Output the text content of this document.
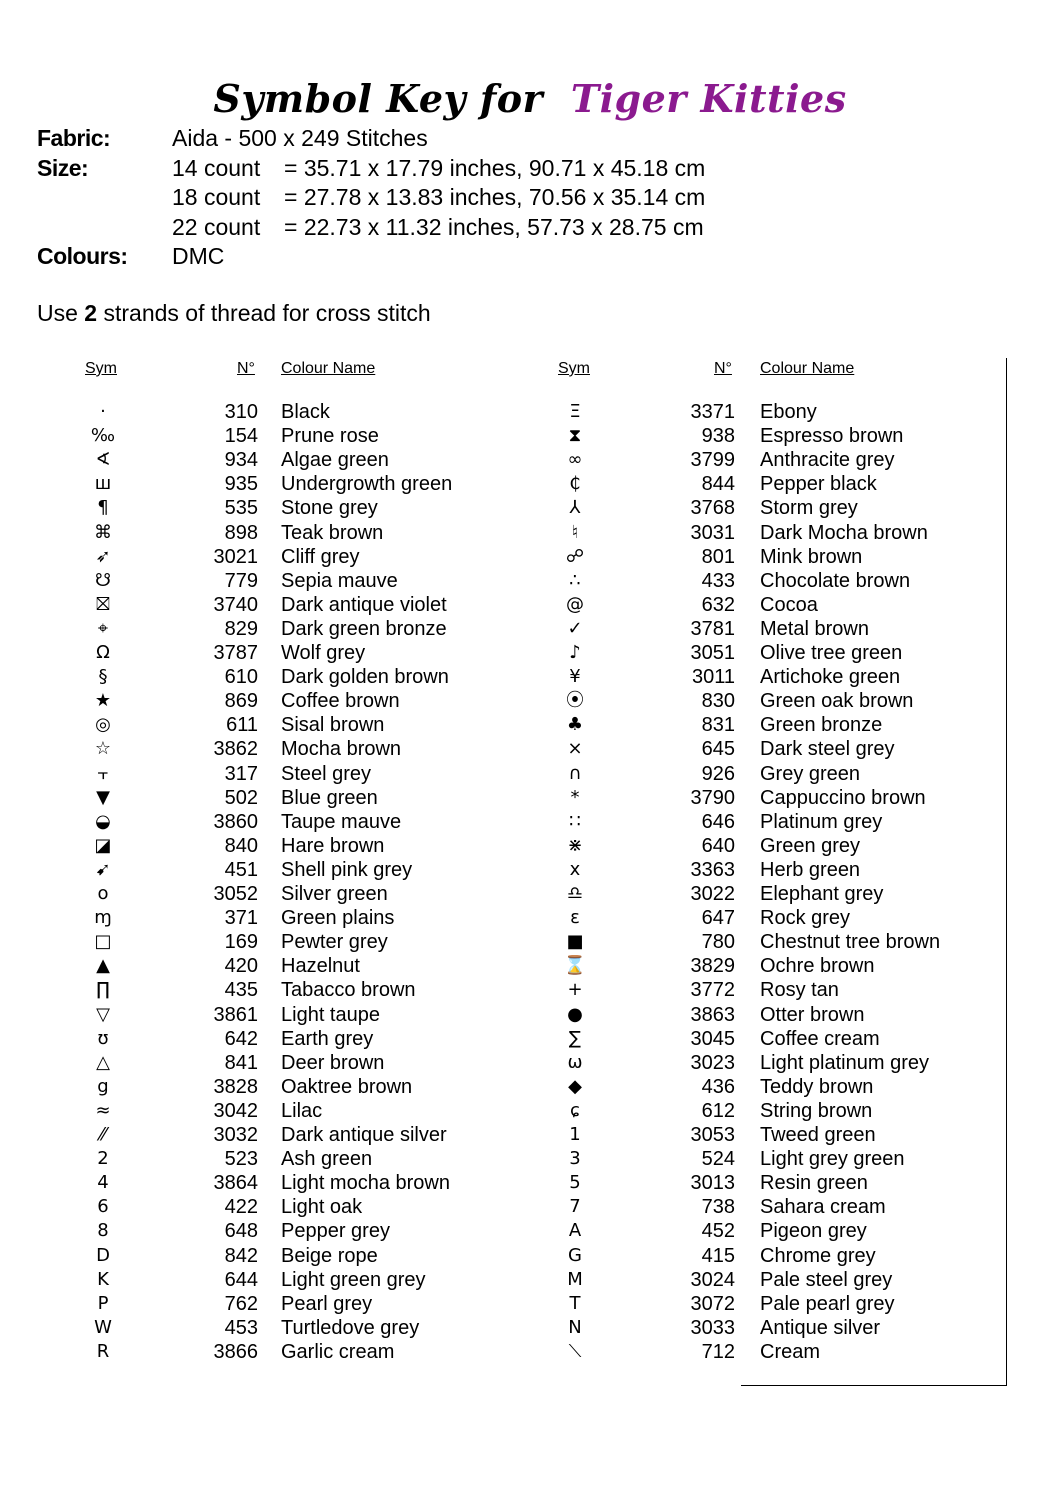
Symbol Key for Tiger Kitties
Fabric:	Aida - 500 x 249 Stitches
Size:	14 count = 35.71 x 17.79 inches, 90.71 x 45.18 cm
18 count = 27.78 x 13.83 inches, 70.56 x 35.14 cm
22 count = 22.73 x 11.32 inches, 57.73 x 28.75 cm
Colours: DMC
Use 2 strands of thread for cross stitch
Sym	N° Colour Name	Sym	N° Colour Name
·	310 Black
‰	154 Prune rose
∢	934 Algae green
ш	935 Undergrowth green
¶	535 Stone grey
⌘	898 Teak brown
➶	3021 Cliff grey
☋	779 Sepia mauve
⛝	3740 Dark antique violet
⌖	829 Dark green bronze
Ω	3787 Wolf grey
§	610 Dark golden brown
★	869 Coffee brown
◎	611 Sisal brown
☆	3862 Mocha brown
⫟	317 Steel grey
▼	502 Blue green
◒	3860 Taupe mauve
◪	840 Hare brown
➹	451 Shell pink grey
o	3052 Silver green
ɱ	371 Green plains
□	169 Pewter grey
▲	420 Hazelnut
∏	435 Tabacco brown
▽	3861 Light taupe
ʊ	642 Earth grey
△	841 Deer brown
g	3828 Oaktree brown
≈	3042 Lilac
⁄⁄	3032 Dark antique silver
2	523 Ash green
4	3864 Light mocha brown
6	422 Light oak
8	648 Pepper grey
D	842 Beige rope
K	644 Light green grey
P	762 Pearl grey
W	453 Turtledove grey
R	3866 Garlic cream
Ξ	3371 Ebony
⧗	938 Espresso brown
∞	3799 Anthracite grey
₵	844 Pepper black
⅄	3768 Storm grey
♮	3031 Dark Mocha brown
☍	801 Mink brown
∴	433 Chocolate brown
@	632 Cocoa
✓	3781 Metal brown
♪	3051 Olive tree green
¥	3011 Artichoke green
⦿	830 Green oak brown
♣	831 Green bronze
⨯	645 Dark steel grey
∩	926 Grey green
*	3790 Cappuccino brown
∷	646 Platinum grey
⋇	640 Green grey
x	3363 Herb green
♎	3022 Elephant grey
ɛ	647 Rock grey
■	780 Chestnut tree brown
⌛	3829 Ochre brown
+	3772 Rosy tan
●	3863 Otter brown
∑	3045 Coffee cream
ω	3023 Light platinum grey
◆	436 Teddy brown
ɕ	612 String brown
1	3053 Tweed green
3	524 Light grey green
5	3013 Resin green
7	738 Sahara cream
A	452 Pigeon grey
G	415 Chrome grey
M	3024 Pale steel grey
T	3072 Pale pearl grey
N	3033 Antique silver
⟍	712 Cream
